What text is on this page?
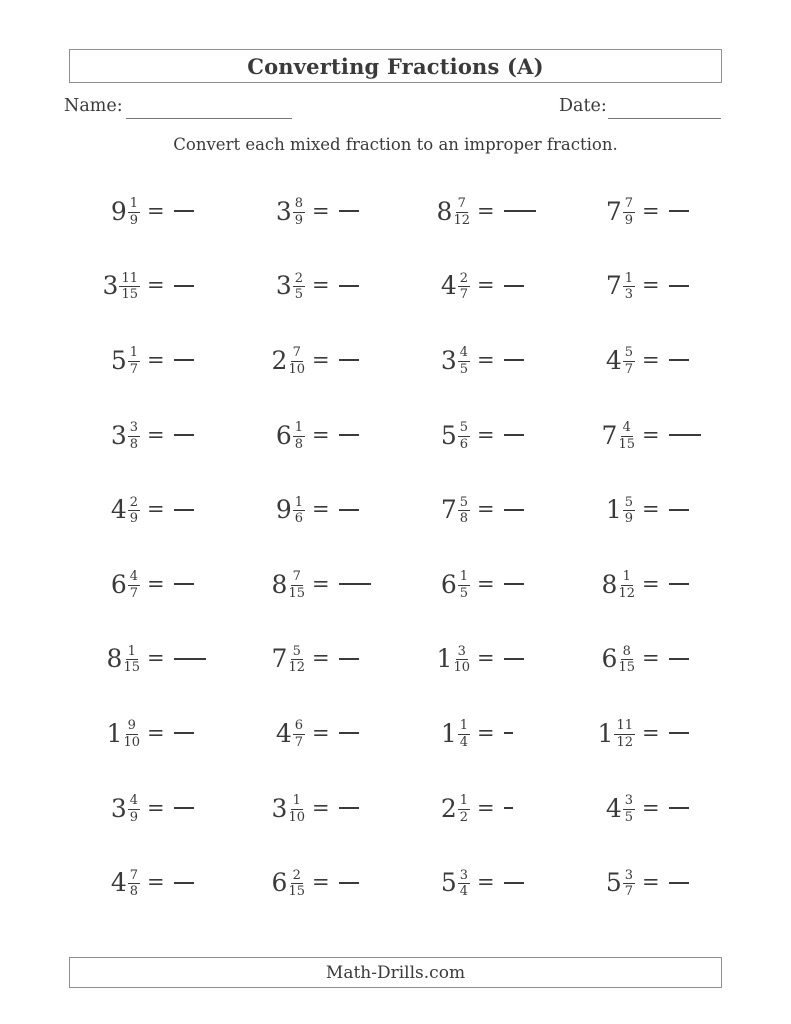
Converting Fractions (A)
Name:	Date:
Convert each mixed fraction to an improper fraction.
$9 \frac{1}{9}$ =	$3 \frac{8}{9}$ =	$8 \frac{7}{12}$ =	$7 \frac{7}{9}$ =
$3 \frac{11}{15}$ =	$3 \frac{2}{5}$ =	$4 \frac{2}{7}$ =	$7 \frac{1}{3}$ =
$5 \frac{1}{7}$ =	$2 \frac{7}{10}$ =	$3 \frac{4}{5}$ =	$4 \frac{5}{7}$ =
$3 \frac{3}{8}$ =	$6 \frac{1}{8}$ =	$5 \frac{5}{6}$ =	$7 \frac{4}{15}$ =
$4 \frac{2}{9}$ =	$9 \frac{1}{6}$ =	$7 \frac{5}{8}$ =	$1 \frac{5}{9}$ =
$6 \frac{4}{7}$ =	$8 \frac{7}{15}$ =	$6 \frac{1}{5}$ =	$8 \frac{1}{12}$ =
$8 \frac{1}{15}$ =	$7 \frac{5}{12}$ =	$1 \frac{3}{10}$ =	$6 \frac{8}{15}$ =
$1 \frac{9}{10}$ =	$4 \frac{6}{7}$ =	$1 \frac{1}{4}$ =	$1 \frac{11}{12}$ =
$3 \frac{4}{9}$ =	$3 \frac{1}{10}$ =	$2 \frac{1}{2}$ =	$4 \frac{3}{5}$ =
$4 \frac{7}{8}$ =	$6 \frac{2}{15}$ =	$5 \frac{3}{4}$ =	$5 \frac{3}{7}$ =
Math-Drills.com
